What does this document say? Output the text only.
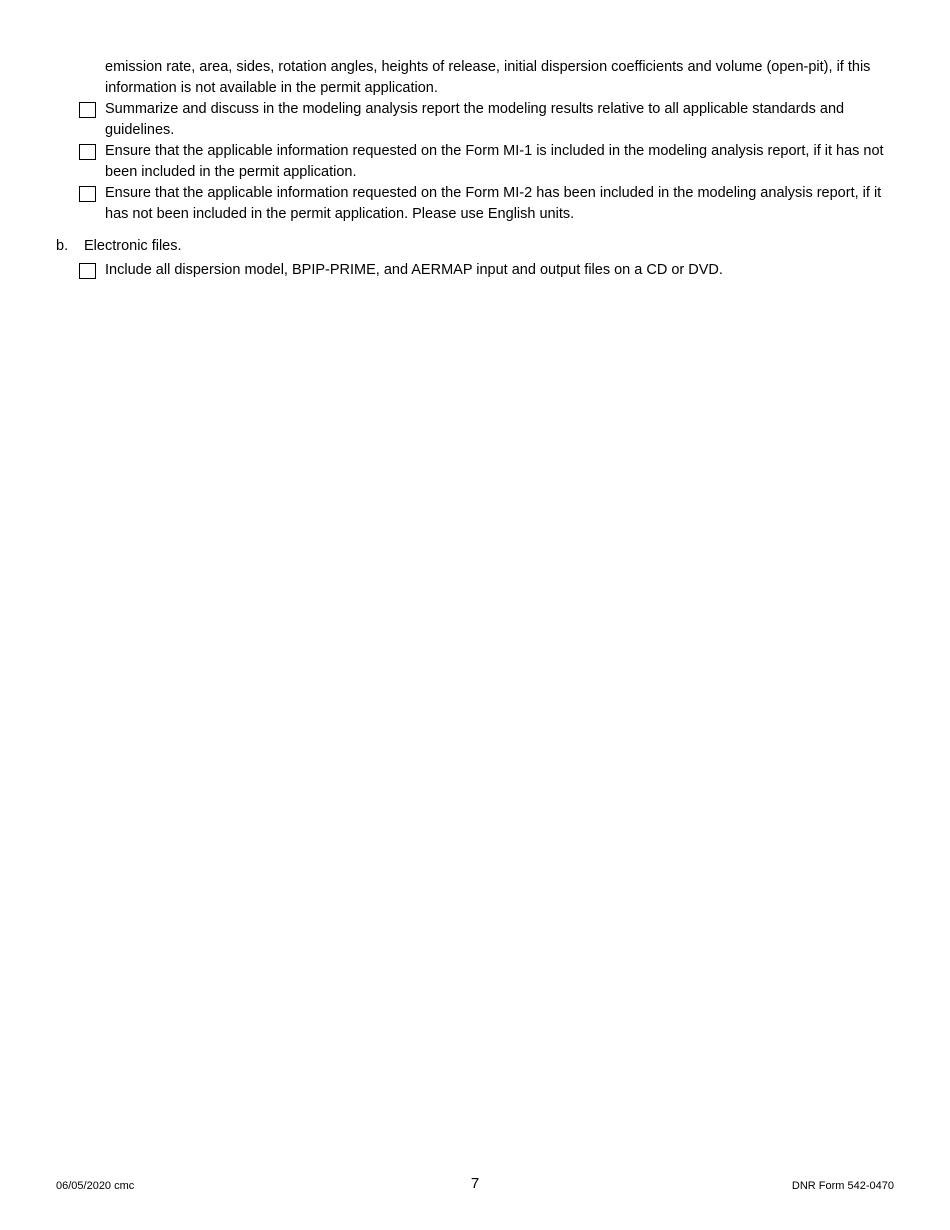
emission rate, area, sides, rotation angles, heights of release, initial dispersion coefficients and volume (open-pit), if this information is not available in the permit application.
Summarize and discuss in the modeling analysis report the modeling results relative to all applicable standards and guidelines.
Ensure that the applicable information requested on the Form MI-1 is included in the modeling analysis report, if it has not been included in the permit application.
Ensure that the applicable information requested on the Form MI-2 has been included in the modeling analysis report, if it has not been included in the permit application. Please use English units.
b. Electronic files.
Include all dispersion model, BPIP-PRIME, and AERMAP input and output files on a CD or DVD.
06/05/2020 cmc	7	DNR Form 542-0470
